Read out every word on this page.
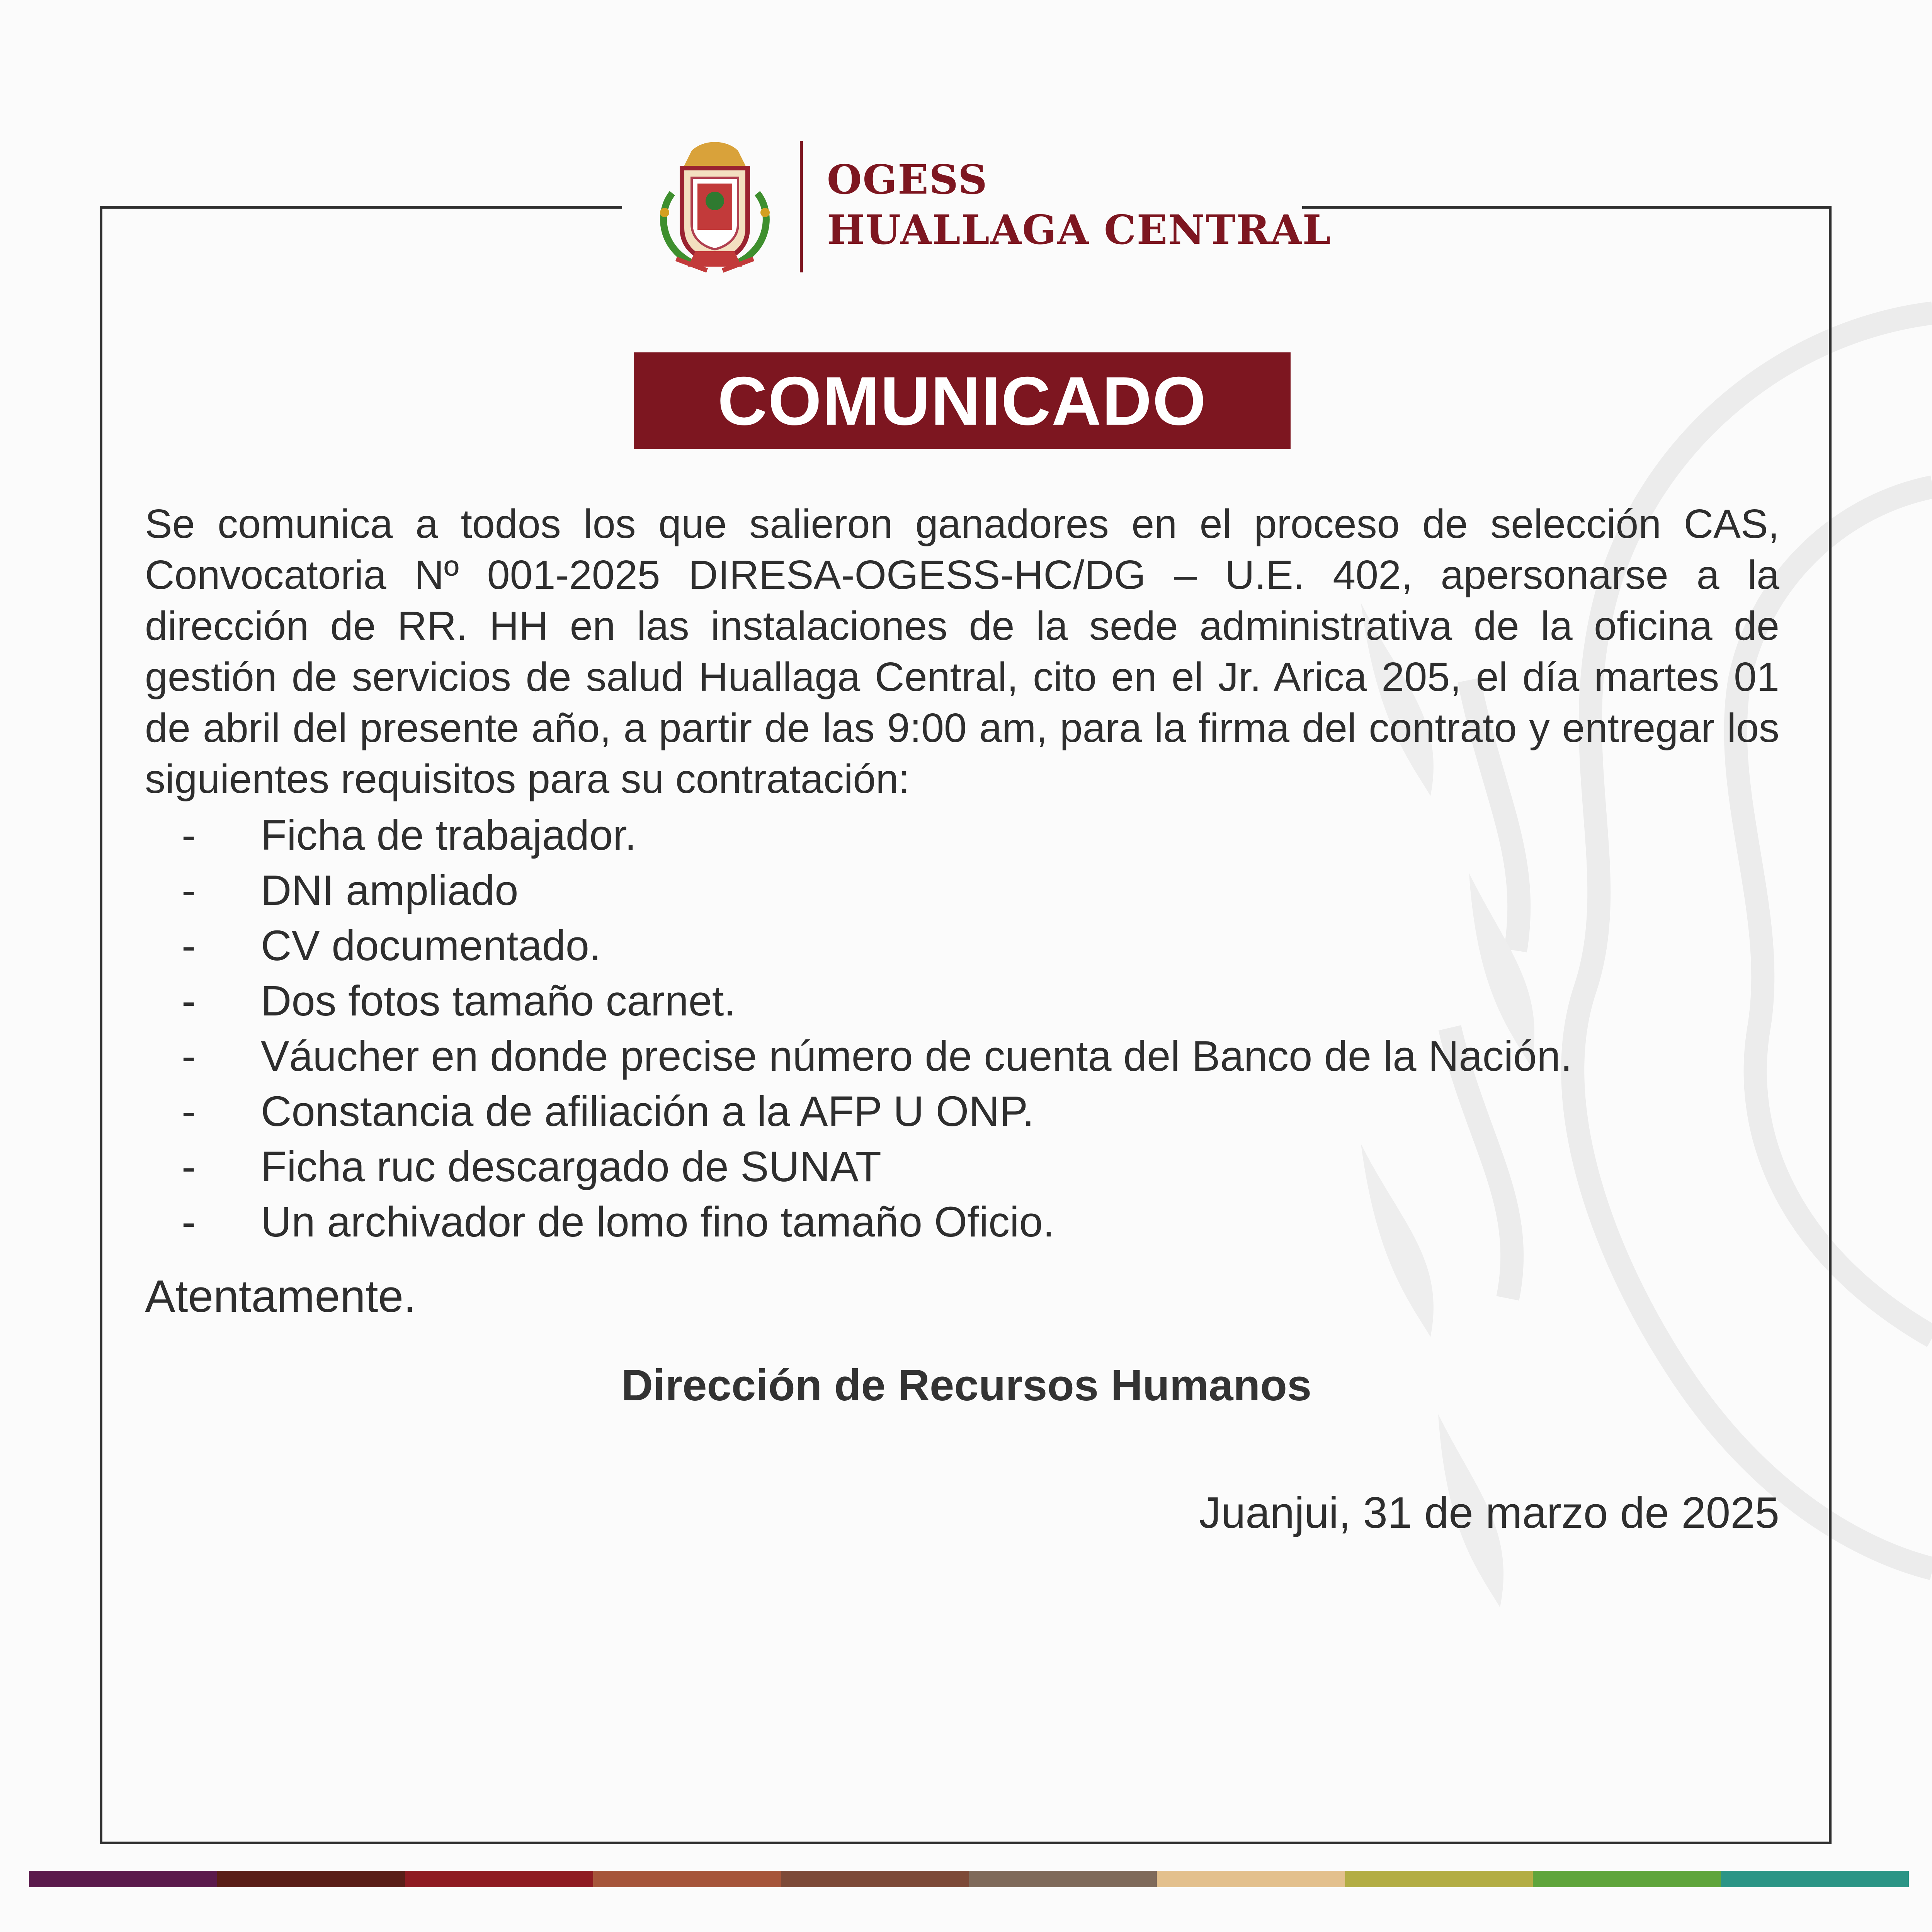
OGESS
HUALLAGA CENTRAL
COMUNICADO
Se comunica a todos los que salieron ganadores en el proceso de selección CAS, Convocatoria Nº 001-2025 DIRESA-OGESS-HC/DG – U.E. 402, apersonarse a la dirección de RR. HH en las instalaciones de la sede administrativa de la oficina de gestión de servicios de salud Huallaga Central, cito en el Jr. Arica 205, el día martes 01 de abril del presente año, a partir de las 9:00 am, para la firma del contrato y entregar los siguientes requisitos para su contratación:
-	Ficha de trabajador.
-	DNI ampliado
-	CV documentado.
-	Dos fotos tamaño carnet.
-	Váucher en donde precise número de cuenta del Banco de la Nación.
-	Constancia de afiliación a la AFP U ONP.
-	Ficha ruc descargado de SUNAT
-	Un archivador de lomo fino tamaño Oficio.
Atentamente.
Dirección de Recursos Humanos
Juanjui, 31 de marzo de 2025
